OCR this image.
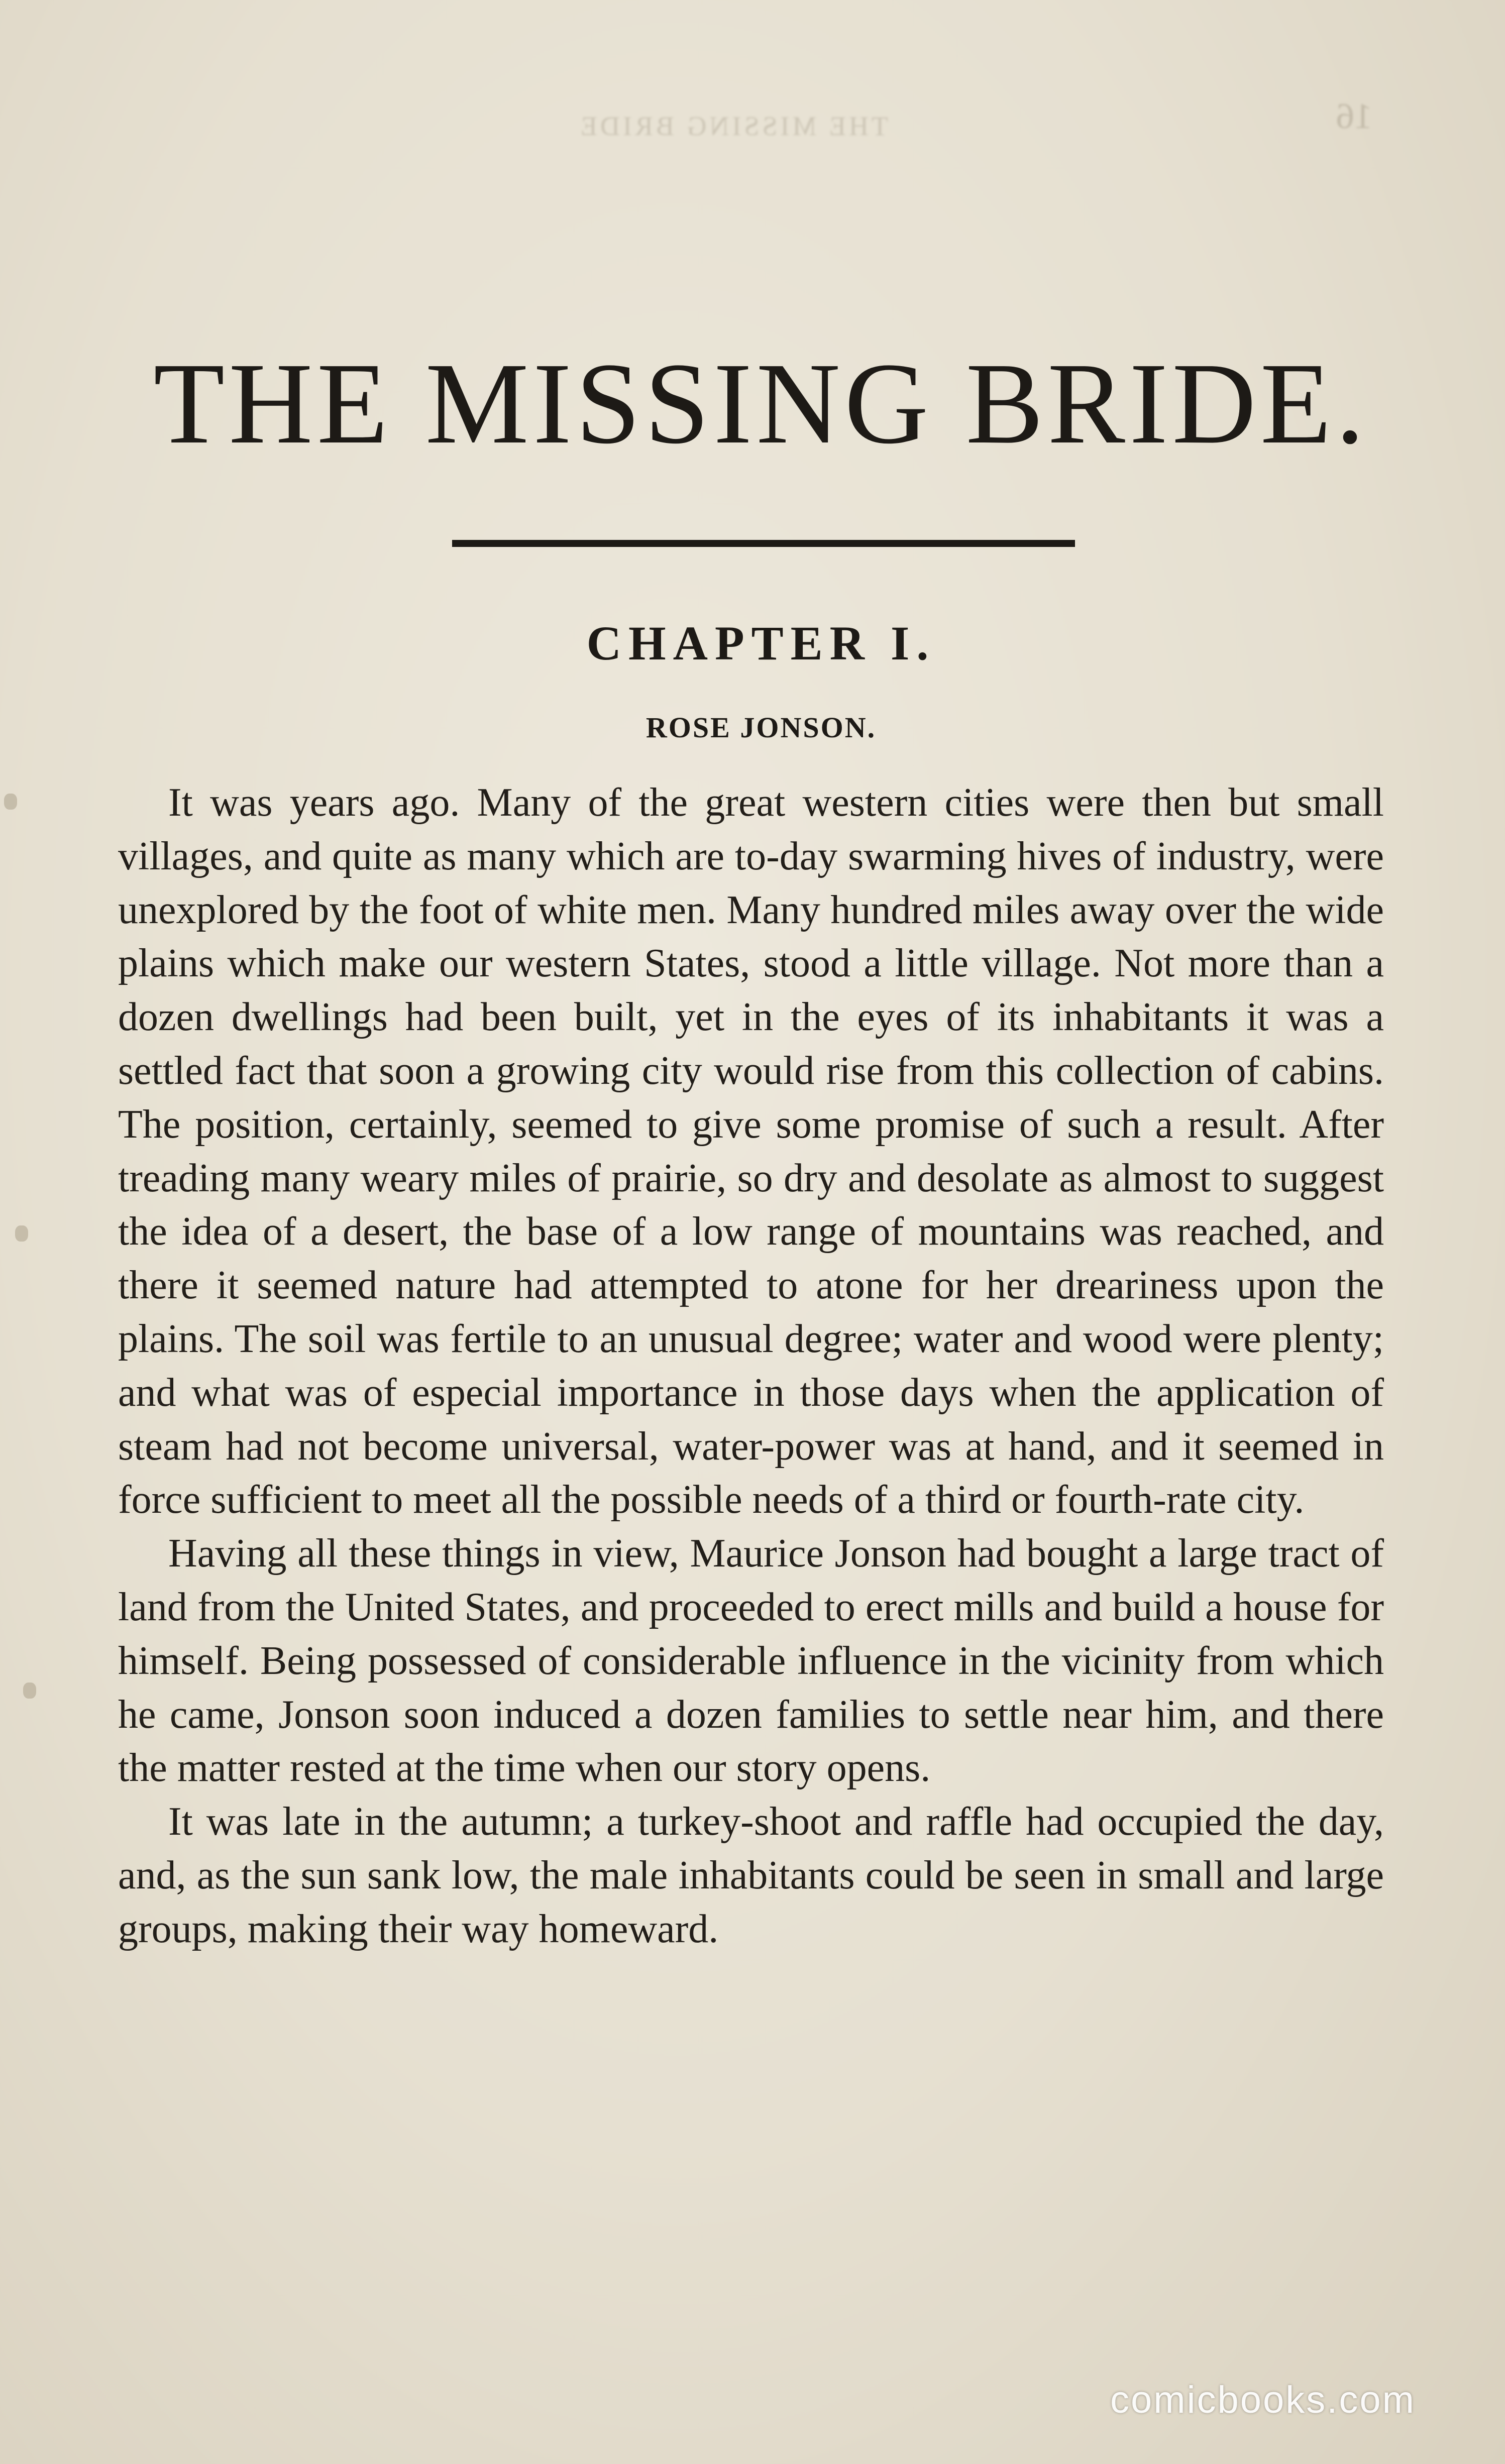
16
THE MISSING BRIDE
THE MISSING BRIDE.
CHAPTER I.
ROSE JONSON.

It was years ago. Many of the great western cities were then but small villages, and quite as many which are to-day swarming hives of industry, were unexplored by the foot of white men. Many hundred miles away over the wide plains which make our western States, stood a little village. Not more than a dozen dwellings had been built, yet in the eyes of its inhabitants it was a settled fact that soon a growing city would rise from this collection of cabins. The position, certainly, seemed to give some promise of such a result. After treading many weary miles of prairie, so dry and desolate as almost to suggest the idea of a desert, the base of a low range of mountains was reached, and there it seemed nature had attempted to atone for her dreariness upon the plains. The soil was fertile to an unusual degree; water and wood were plenty; and what was of especial importance in those days when the application of steam had not become universal, water-power was at hand, and it seemed in force sufficient to meet all the possible needs of a third or fourth-rate city.

Having all these things in view, Maurice Jonson had bought a large tract of land from the United States, and proceeded to erect mills and build a house for himself. Being possessed of considerable influence in the vicinity from which he came, Jonson soon induced a dozen families to settle near him, and there the matter rested at the time when our story opens.

It was late in the autumn; a turkey-shoot and raffle had occupied the day, and, as the sun sank low, the male inhabitants could be seen in small and large groups, making their way homeward.

comicbooks.com
